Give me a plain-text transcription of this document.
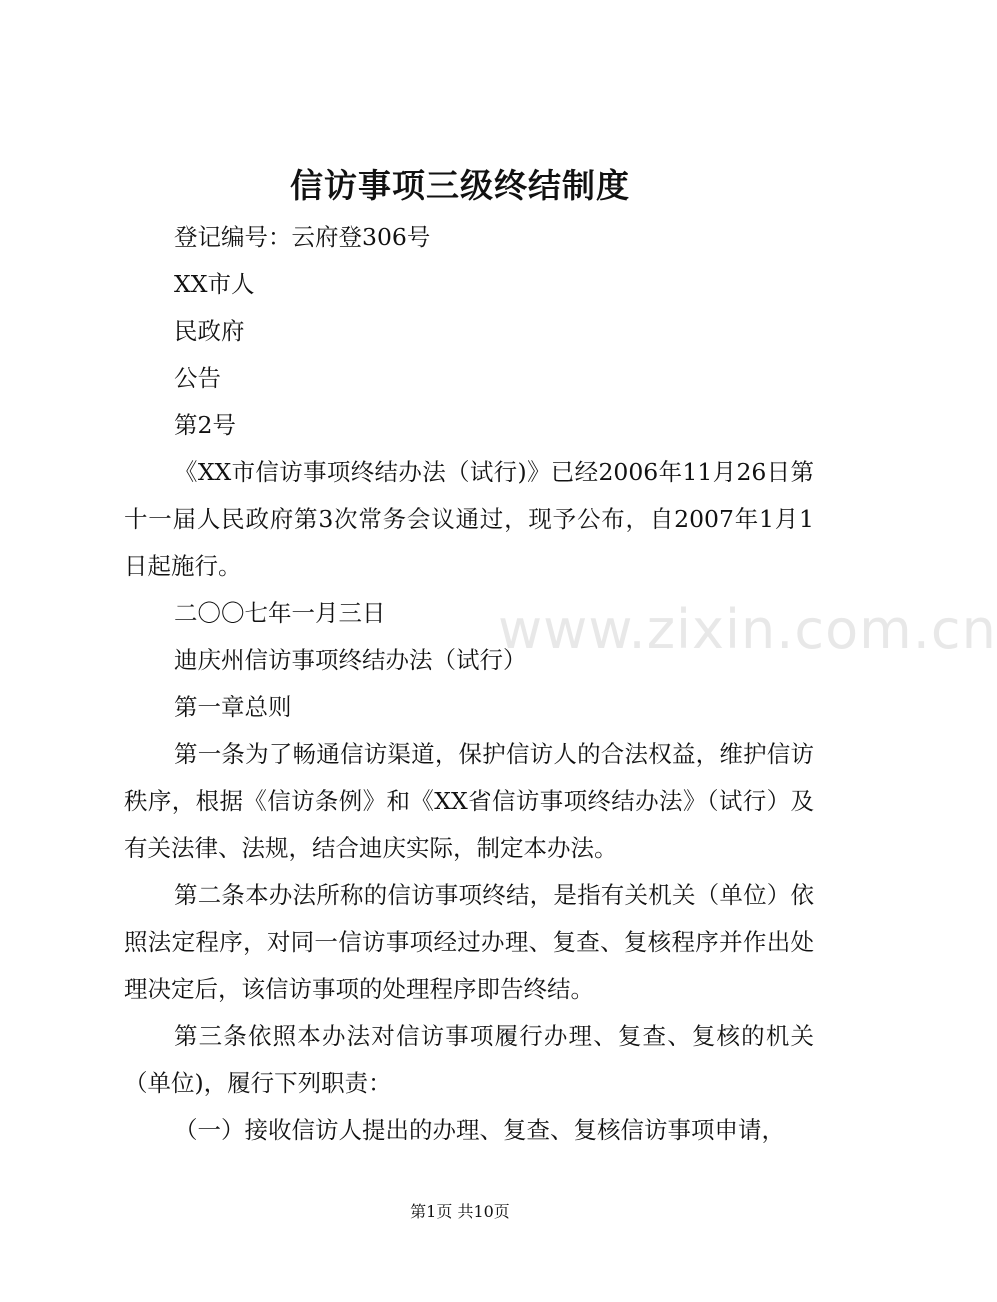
信访事项三级终结制度

登记编号：云府登306号

XX市人

民政府

公告

第2号

《XX市信访事项终结办法（试行)》已经2006年11月26日第十一届人民政府第3次常务会议通过，现予公布，自2007年1月1日起施行。

二〇〇七年一月三日

迪庆州信访事项终结办法（试行）

第一章总则

第一条为了畅通信访渠道，保护信访人的合法权益，维护信访秩序，根据《信访条例》和《XX省信访事项终结办法》（试行）及有关法律、法规，结合迪庆实际，制定本办法。

第二条本办法所称的信访事项终结，是指有关机关（单位）依照法定程序，对同一信访事项经过办理、复查、复核程序并作出处理决定后，该信访事项的处理程序即告终结。

第三条依照本办法对信访事项履行办理、复查、复核的机关（单位)，履行下列职责：

（一）接收信访人提出的办理、复查、复核信访事项申请，

www.zixin.com.cn
第1页 共10页
